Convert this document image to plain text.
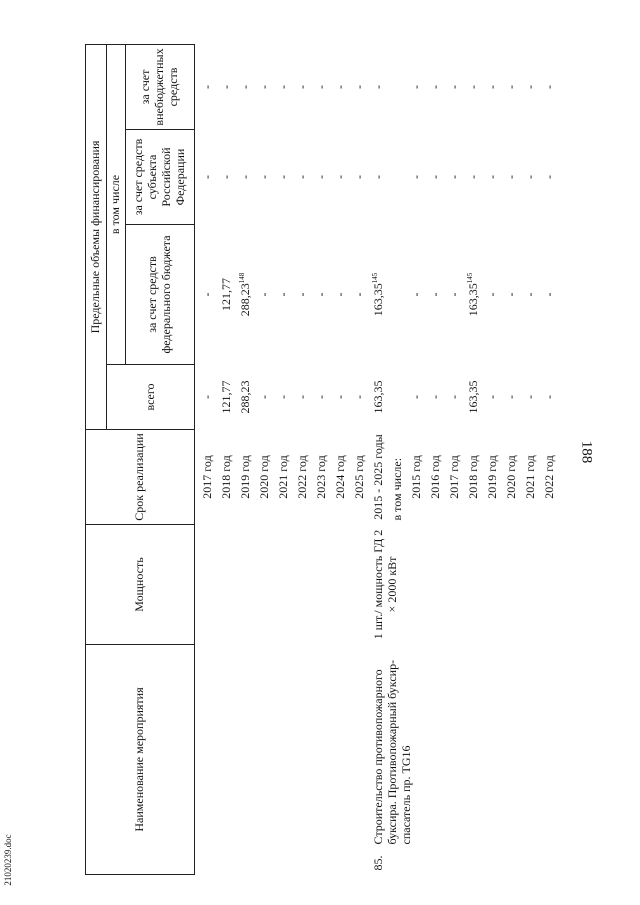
188
21020239.doc
Наименование мероприятия	Мощность	Срок реализации	Предельные объемы финансирования			
			всего	в том числе		
				за счет средств федерального бюджета	за счет средств субъекта Российской Федерации	за счет внебюджетных средств

		2017 год	-	-	-	-
		2018 год	121,77	121,77	-	-
		2019 год	288,23	288,23$^{148}$	-	-
		2020 год	-	-	-	-
		2021 год	-	-	-	-
		2022 год	-	-	-	-
		2023 год	-	-	-	-
		2024 год	-	-	-	-
		2025 год	-	-	-	-

85.
Строительство противопожарного буксира. Противопожарный буксир-спасатель пр. TG16	1 шт./ мощность ГД 2 × 2000 кВт	2015 - 2025 годы	163,35	163,35$^{145}$	-	-
		в том числе:				
		2015 год	-	-	-	-
		2016 год	-	-	-	-
		2017 год	-	-	-	-
		2018 год	163,35	163,35$^{145}$	-	-
		2019 год	-	-	-	-
		2020 год	-	-	-	-
		2021 год	-	-	-	-
		2022 год	-	-	-	-
